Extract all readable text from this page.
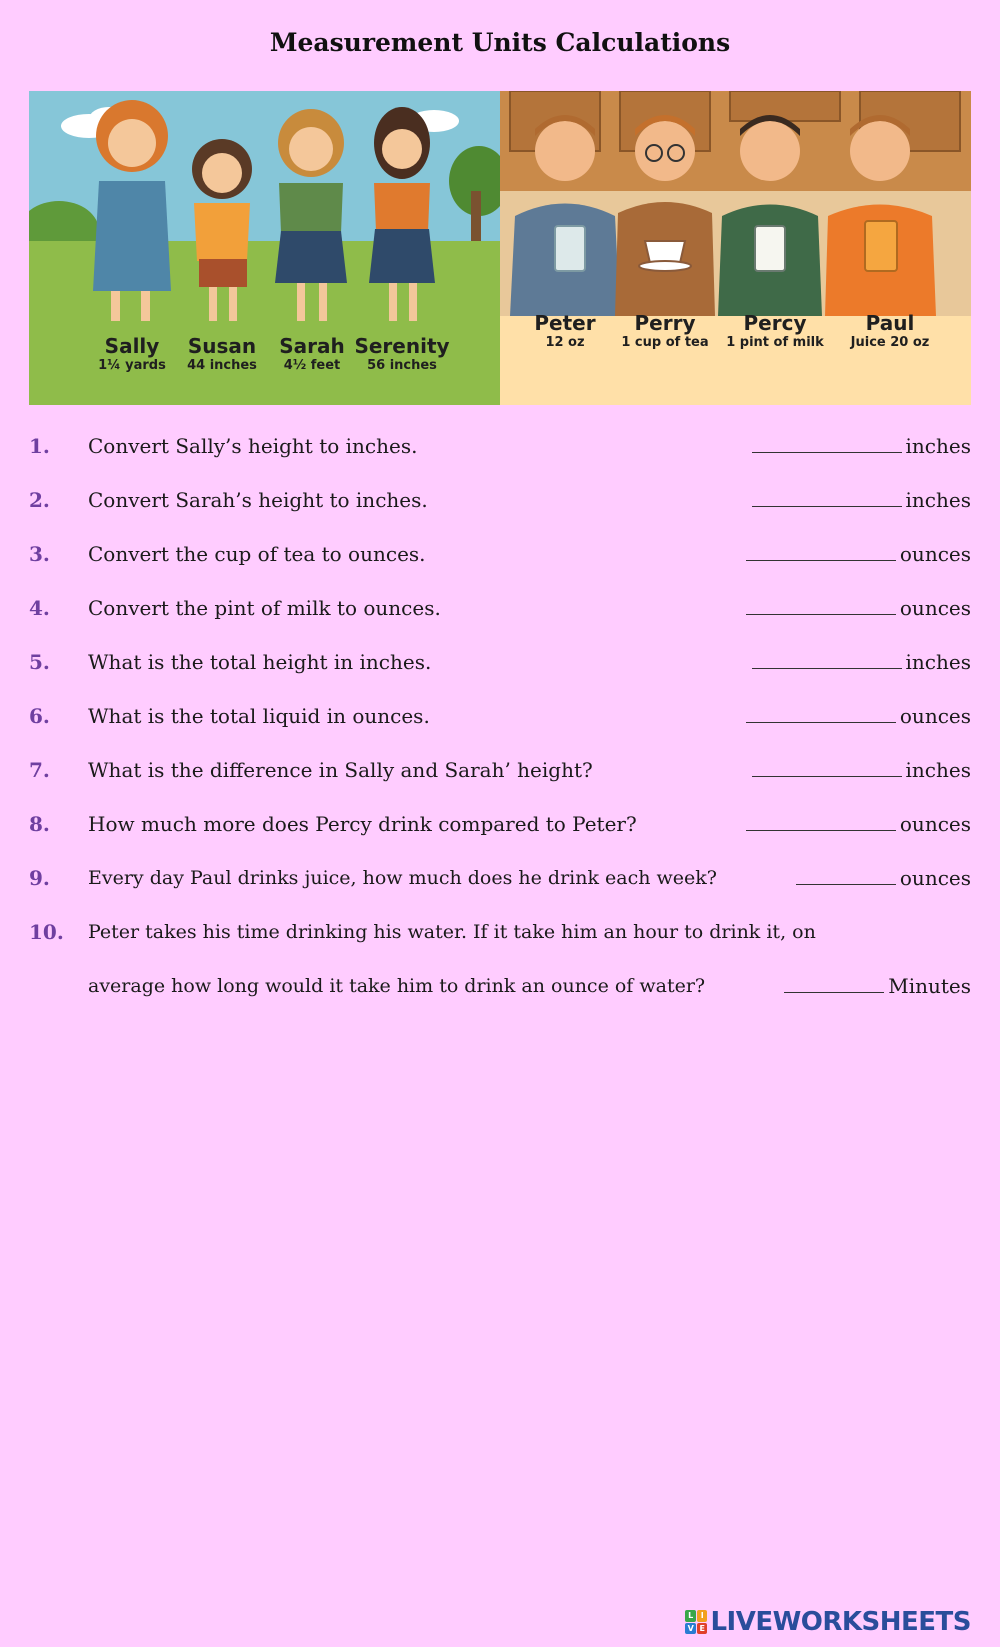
Measurement Units Calculations
Sally
1¼ yards
Susan
44 inches
Sarah
4½ feet
Serenity
56 inches
Peter
12 oz
Perry
1 cup of tea
Percy
1 pint of milk
Paul
Juice 20 oz
1. Convert Sally’s height to inches.	inches
2. Convert Sarah’s height to inches.	inches
3. Convert the cup of tea to ounces.	ounces
4. Convert the pint of milk to ounces.	ounces
5. What is the total height in inches.	inches
6. What is the total liquid in ounces.	ounces
7. What is the difference in Sally and Sarah’ height?	inches
8. How much more does Percy drink compared to Peter?	ounces
9. Every day Paul drinks juice, how much does he drink each week?	ounces
10. Peter takes his time drinking his water. If it take him an hour to drink it, on
average how long would it take him to drink an ounce of water?	Minutes
L I
V E LIVEWORKSHEETS
